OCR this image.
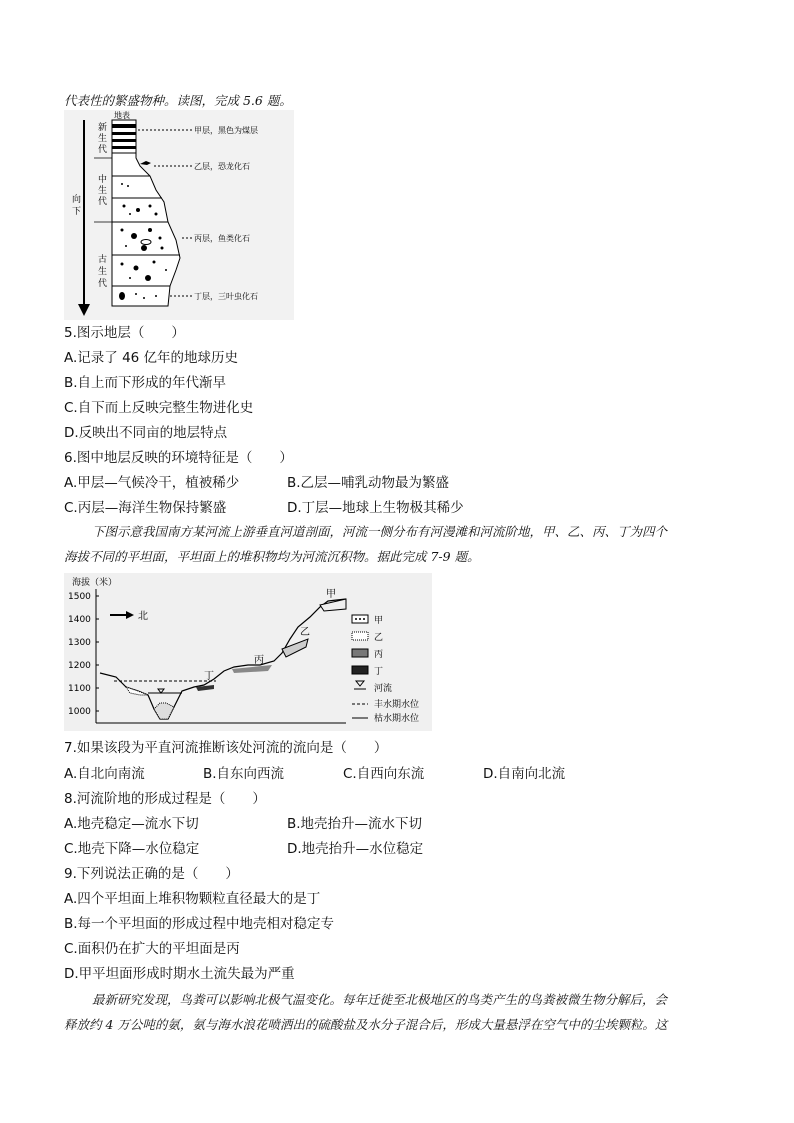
代表性的繁盛物种。读图，完成 5.6 题。
向
下
新
生
代
中
生
代
古
生
代
地表
甲层，黑色为煤层
乙层，恐龙化石
丙层，鱼类化石
丁层，三叶虫化石
5.图示地层（　　）
A.记录了 46 亿年的地球历史
B.自上而下形成的年代渐早
C.自下而上反映完整生物进化史
D.反映出不同亩的地层特点
6.图中地层反映的环境特征是（　　）
A.甲层—气候冷干，植被稀少	B.乙层—哺乳动物最为繁盛
C.丙层—海洋生物保持繁盛	D.丁层—地球上生物极其稀少
下图示意我国南方某河流上游垂直河道剖面，河流一侧分布有河漫滩和河流阶地，甲、乙、丙、丁为四个
海拔不同的平坦面，平坦面上的堆积物均为河流沉积物。据此完成 7-9 题。
海拔（米）
1500
1400
1300
1200
1100
1000
北
丁
丙
乙
甲
甲
乙
丙
丁
河流
丰水期水位
枯水期水位
7.如果该段为平直河流推断该处河流的流向是（　　）
A.自北向南流	B.自东向西流	C.自西向东流	D.自南向北流
8.河流阶地的形成过程是（　　）
A.地壳稳定—流水下切	B.地壳抬升—流水下切
C.地壳下降—水位稳定	D.地壳抬升—水位稳定
9.下列说法正确的是（　　）
A.四个平坦面上堆积物颗粒直径最大的是丁
B.每一个平坦面的形成过程中地壳相对稳定专
C.面积仍在扩大的平坦面是丙
D.甲平坦面形成时期水土流失最为严重
最新研究发现，鸟粪可以影响北极气温变化。每年迁徙至北极地区的鸟类产生的鸟粪被微生物分解后，会
释放约 4 万公吨的氨，氨与海水浪花喷洒出的硫酸盐及水分子混合后，形成大量悬浮在空气中的尘埃颗粒。这
